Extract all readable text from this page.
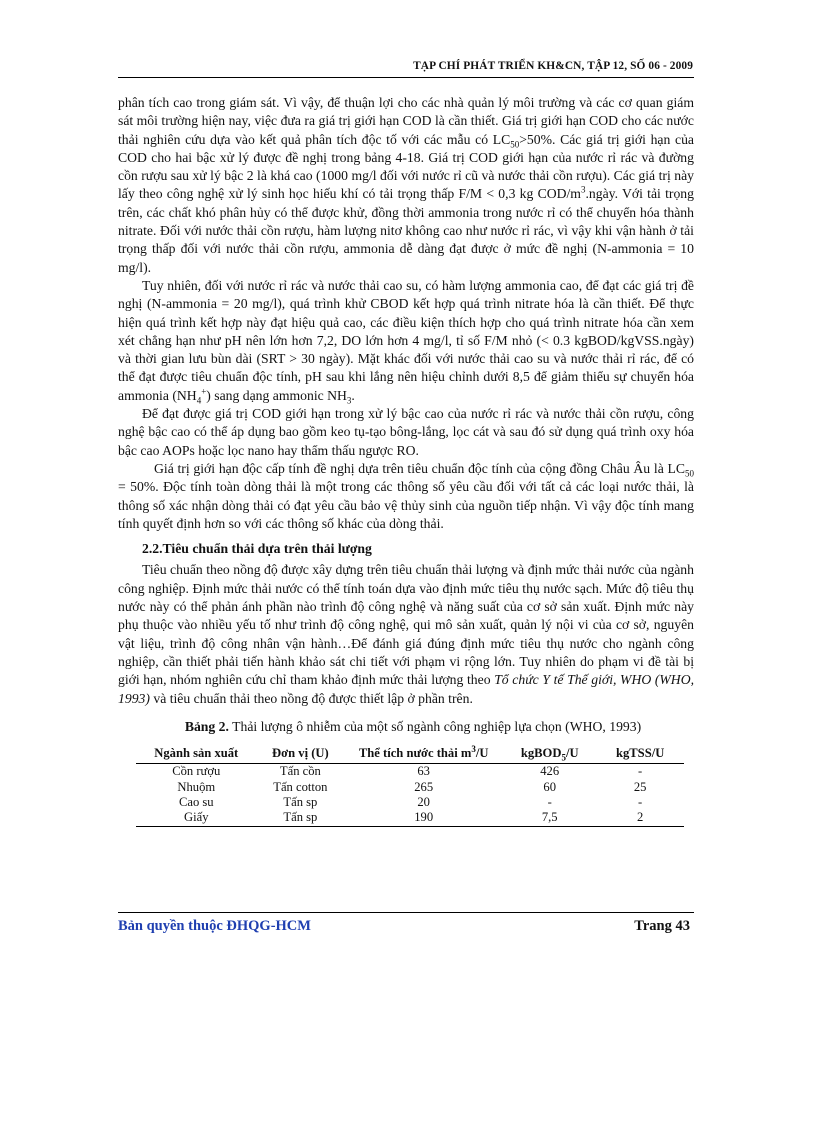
TẠP CHÍ PHÁT TRIỂN KH&CN, TẬP 12, SỐ 06 - 2009

phân tích cao trong giám sát. Vì vậy, để thuận lợi cho các nhà quản lý môi trường và các cơ quan giám sát môi trường hiện nay, việc đưa ra giá trị giới hạn COD là cần thiết. Giá trị giới hạn COD cho các nước thải nghiên cứu dựa vào kết quả phân tích độc tố với các mẫu có $LC_{50}>50\%$. Các giá trị giới hạn của COD cho hai bậc xử lý được đề nghị trong bảng 4-18. Giá trị COD giới hạn của nước rỉ rác và đường cồn rượu sau xử lý bậc 2 là khá cao (1000 mg/l đối với nước rỉ cũ và nước thải cồn rượu). Các giá trị này lấy theo công nghệ xử lý sinh học hiếu khí có tải trọng thấp F/M < 0,3 kg COD/$m^3.ngày$. Với tải trọng trên, các chất khó phân hủy có thể được khử, đồng thời ammonia trong nước rỉ có thể chuyển hóa thành nitrate. Đối với nước thải cồn rượu, hàm lượng nitơ không cao như nước rỉ rác, vì vậy khi vận hành ở tải trọng thấp đối với nước thải cồn rượu, ammonia dễ dàng đạt được ở mức đề nghị (N-ammonia = 10 mg/l).

Tuy nhiên, đối với nước rỉ rác và nước thải cao su, có hàm lượng ammonia cao, để đạt các giá trị đề nghị (N-ammonia = 20 mg/l), quá trình khử CBOD kết hợp quá trình nitrate hóa là cần thiết. Để thực hiện quá trình kết hợp này đạt hiệu quả cao, các điều kiện thích hợp cho quá trình nitrate hóa cần xem xét chẳng hạn như pH nên lớn hơn 7,2, DO lớn hơn 4 mg/l, tỉ số F/M nhỏ (< 0.3 kgBOD/kgVSS.ngày) và thời gian lưu bùn dài (SRT > 30 ngày). Mặt khác đối với nước thải cao su và nước thải rỉ rác, để có thể đạt được tiêu chuẩn độc tính, pH sau khi lắng nên hiệu chỉnh dưới 8,5 để giảm thiểu sự chuyển hóa ammonia $(NH_4^+)$ sang dạng ammonic $NH_3$.

Để đạt được giá trị COD giới hạn trong xử lý bậc cao của nước rỉ rác và nước thải cồn rượu, công nghệ bậc cao có thể áp dụng bao gồm keo tụ-tạo bông-lắng, lọc cát và sau đó sử dụng quá trình oxy hóa bậc cao AOPs hoặc lọc nano hay thẩm thấu ngược RO.

Giá trị giới hạn độc cấp tính đề nghị dựa trên tiêu chuẩn độc tính của cộng đồng Châu Âu là $LC_{50} = 50\%$. Độc tính toàn dòng thải là một trong các thông số yêu cầu đối với tất cả các loại nước thải, là thông số xác nhận dòng thải có đạt yêu cầu bảo vệ thủy sinh của nguồn tiếp nhận. Vì vậy độc tính mang tính quyết định hơn so với các thông số khác của dòng thải.

2.2.Tiêu chuẩn thải dựa trên thải lượng

Tiêu chuẩn theo nồng độ được xây dựng trên tiêu chuẩn thải lượng và định mức thải nước của ngành công nghiệp. Định mức thải nước có thể tính toán dựa vào định mức tiêu thụ nước sạch. Mức độ tiêu thụ nước này có thể phản ánh phần nào trình độ công nghệ và năng suất của cơ sở sản xuất. Định mức này phụ thuộc vào nhiều yếu tố như trình độ công nghệ, qui mô sản xuất, quản lý nội vi của cơ sở, nguyên vật liệu, trình độ công nhân vận hành…Để đánh giá đúng định mức tiêu thụ nước cho ngành công nghiệp, cần thiết phải tiến hành khảo sát chi tiết với phạm vi rộng lớn. Tuy nhiên do phạm vi đề tài bị giới hạn, nhóm nghiên cứu chỉ tham khảo định mức thải lượng theo Tổ chức Y tế Thế giới, WHO (WHO, 1993) và tiêu chuẩn thải theo nồng độ được thiết lập ở phần trên.

Bảng 2. Thải lượng ô nhiễm của một số ngành công nghiệp lựa chọn (WHO, 1993)
Ngành sản xuất	Đơn vị (U)	Thể tích nước thải $m^3/U$	kgBOD$_5$/U	kgTSS/U
Cồn rượu	Tấn cồn	63	426	-
Nhuộm	Tấn cotton	265	60	25
Cao su	Tấn sp	20	-	-
Giấy	Tấn sp	190	7,5	2
Bản quyền thuộc ĐHQG-HCM	Trang 43
